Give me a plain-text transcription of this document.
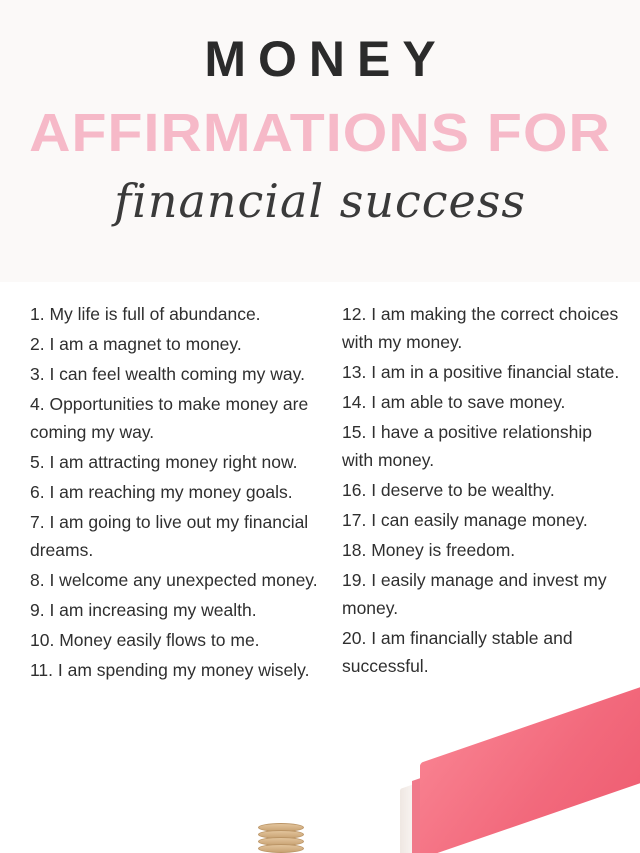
MONEY
AFFIRMATIONS FOR
financial success

1. My life is full of abundance.

2. I am a magnet to money.

3. I can feel wealth coming my way.

4. Opportunities to make money are coming my way.

5. I am attracting money right now.

6. I am reaching my money goals.

7. I am going to live out my financial dreams.

8. I welcome any unexpected money.

9. I am increasing my wealth.

10. Money easily flows to me.

11. I am spending my money wisely.

12. I am making the correct choices with my money.

13. I am in a positive financial state.

14. I am able to save money.

15. I have a positive relationship with money.

16. I deserve to be wealthy.

17. I can easily manage money.

18. Money is freedom.

19. I easily manage and invest my money.

20. I am financially stable and successful.
